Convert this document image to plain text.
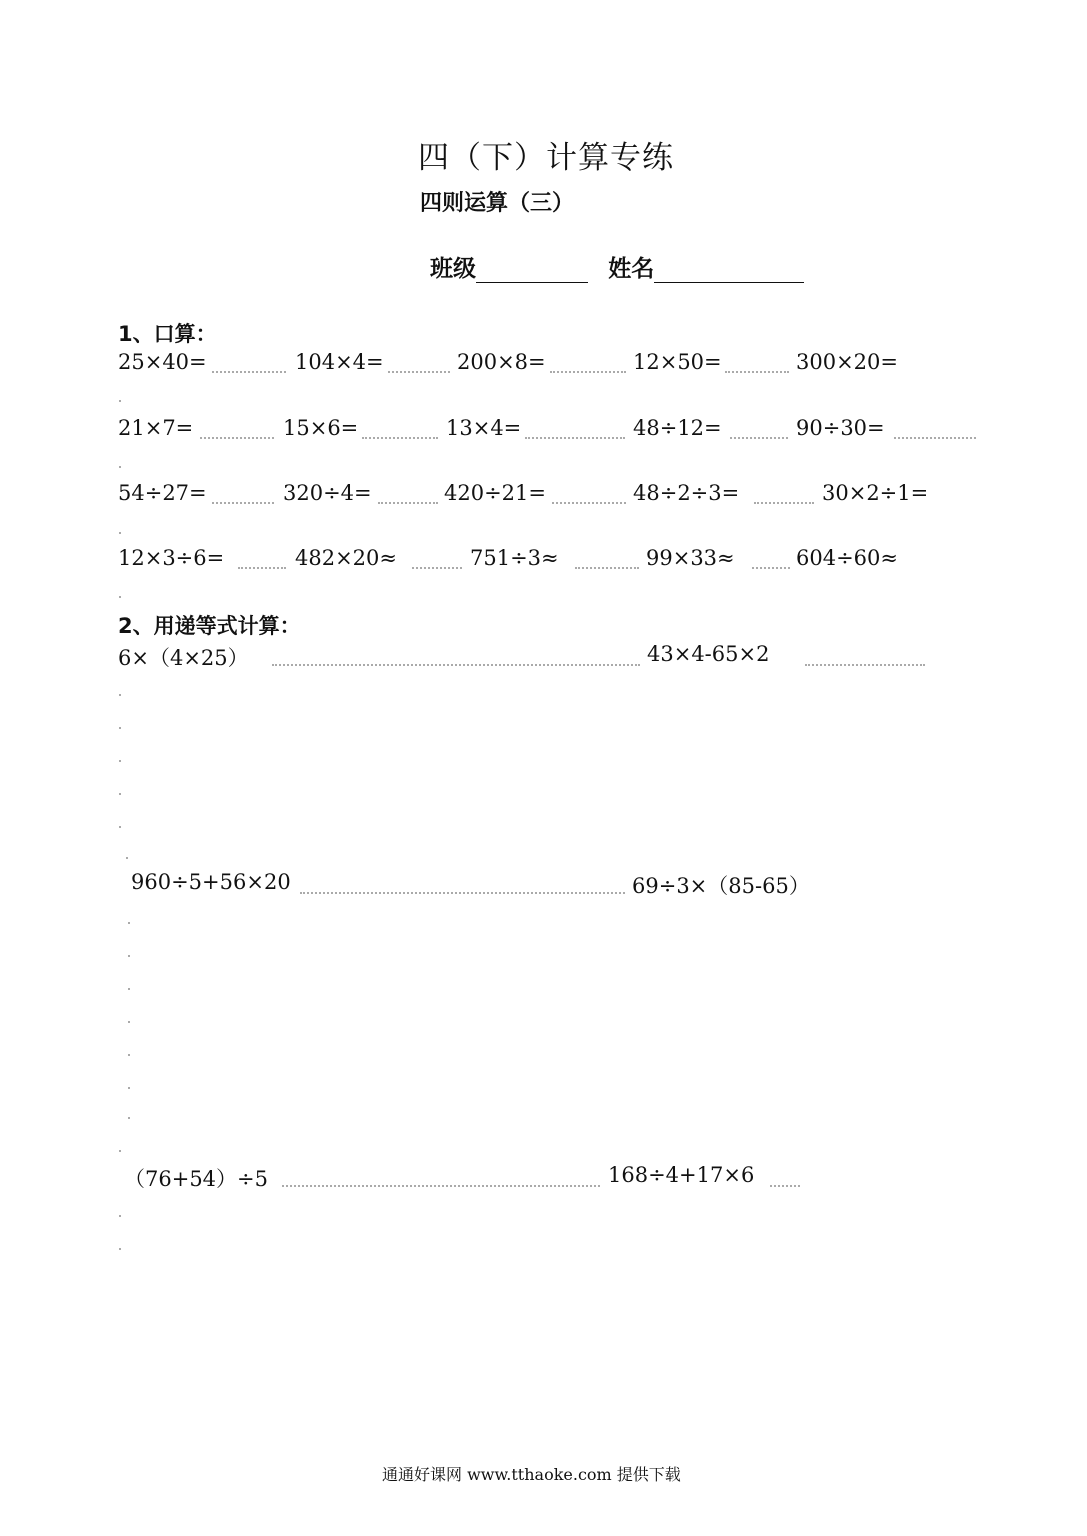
四（下）计算专练
四则运算（三）
班级	姓名
1、口算：
25×40=	104×4=	200×8=	12×50=	300×20=
21×7=	15×6=	13×4=	48÷12=	90÷30=
54÷27=	320÷4=	420÷21=	48÷2÷3=	30×2÷1=
12×3÷6=	482×20≈	751÷3≈	99×33≈	604÷60≈
2、用递等式计算：
6×（4×25）	43×4-65×2
960÷5+56×20	69÷3×（85-65）
（76+54）÷5	168÷4+17×6
通通好课网 www.tthaoke.com 提供下载
